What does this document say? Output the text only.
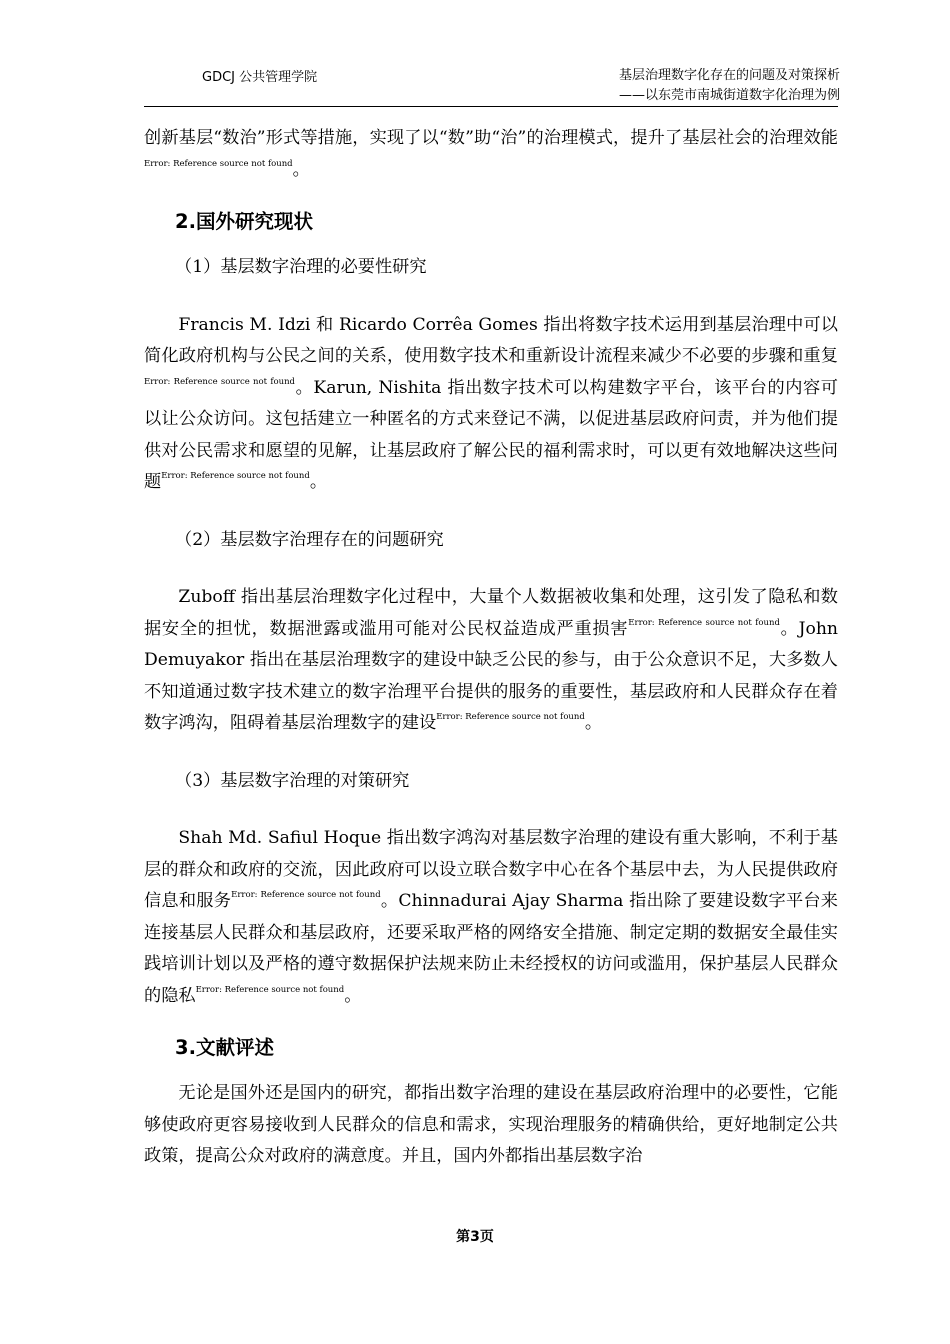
GDCJ 公共管理学院	基层治理数字化存在的问题及对策探析
——以东莞市南城街道数字化治理为例

创新基层“数治”形式等措施，实现了以“数”助“治”的治理模式，提升了基层社会的治理效能$^{Error: Reference source not found}$。

2.国外研究现状

（1）基层数字治理的必要性研究

Francis M. Idzi 和 Ricardo Corrêa Gomes 指出将数字技术运用到基层治理中可以简化政府机构与公民之间的关系，使用数字技术和重新设计流程来减少不必要的步骤和重复$^{Error: Reference source not found}$。Karun, Nishita 指出数字技术可以构建数字平台，该平台的内容可以让公众访问。这包括建立一种匿名的方式来登记不满，以促进基层政府问责，并为他们提供对公民需求和愿望的见解，让基层政府了解公民的福利需求时，可以更有效地解决这些问题$^{Error: Reference source not found}$。

（2）基层数字治理存在的问题研究

Zuboff 指出基层治理数字化过程中，大量个人数据被收集和处理，这引发了隐私和数据安全的担忧，数据泄露或滥用可能对公民权益造成严重损害$^{Error: Reference source not found}$。John Demuyakor 指出在基层治理数字的建设中缺乏公民的参与，由于公众意识不足，大多数人不知道通过数字技术建立的数字治理平台提供的服务的重要性，基层政府和人民群众存在着数字鸿沟，阻碍着基层治理数字的建设$^{Error: Reference source not found}$。

（3）基层数字治理的对策研究

Shah Md. Safiul Hoque 指出数字鸿沟对基层数字治理的建设有重大影响，不利于基层的群众和政府的交流，因此政府可以设立联合数字中心在各个基层中去，为人民提供政府信息和服务$^{Error: Reference source not found}$。Chinnadurai Ajay Sharma 指出除了要建设数字平台来连接基层人民群众和基层政府，还要采取严格的网络安全措施、制定定期的数据安全最佳实践培训计划以及严格的遵守数据保护法规来防止未经授权的访问或滥用，保护基层人民群众的隐私$^{Error: Reference source not found}$。

3.文献评述

无论是国外还是国内的研究，都指出数字治理的建设在基层政府治理中的必要性，它能够使政府更容易接收到人民群众的信息和需求，实现治理服务的精确供给，更好地制定公共政策，提高公众对政府的满意度。并且，国内外都指出基层数字治

第3页
